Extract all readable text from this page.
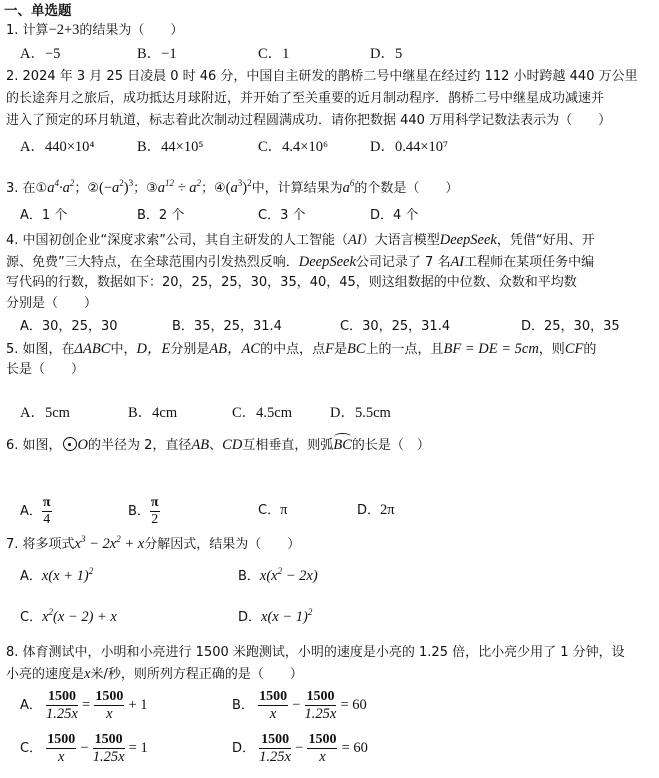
一、单选题
1. 计算−2+3的结果为（　　）
A．−5	B．−1	C．1	D．5
2. 2024 年 3 月 25 日凌晨 0 时 46 分，中国自主研发的鹊桥二号中继星在经过约 112 小时跨越 440 万公里
的长途奔月之旅后，成功抵达月球附近，并开始了至关重要的近月制动程序．鹊桥二号中继星成功减速并
进入了预定的环月轨道，标志着此次制动过程圆满成功．请你把数据 440 万用科学记数法表示为（　　）
A．440×10⁴	B．44×10⁵	C．4.4×10⁶	D．0.44×10⁷
3. 在$①a^4\cdot a^2$；$②(-a^2)^3$；$③a^{12} \div a^2$；$④(a^3)^2$中，计算结果为$a^6$的个数是（　　）
A．1 个	B．2 个	C．3 个	D．4 个
4. 中国初创企业“深度求索”公司，其自主研发的人工智能（AI）大语言模型DeepSeek，凭借“好用、开
源、免费”三大特点，在全球范围内引发热烈反响．DeepSeek公司记录了 7 名AI工程师在某项任务中编
写代码的行数，数据如下：20，25，25，30，35，40，45，则这组数据的中位数、众数和平均数
分别是（　　）
A．30，25，30	B．35，25，31.4	C．30，25，31.4	D．25，30，35
5. 如图，在ΔABC中，D，E分别是AB，AC的中点，点F是BC上的一点，且BF = DE = 5cm，则CF的
长是（　　）
A．5cm	B．4cm	C．4.5cm	D．5.5cm
6. 如图， O的半径为 2，直径AB、CD互相垂直，则弧BC的长是（　）
A． $\frac{\pi}{4}$	B． $\frac{\pi}{2}$	C．π	D．2π
7. 将多项式$x^3 - 2x^2 + x$分解因式，结果为（　　）
A．$x(x + 1)^2$	B．$x(x^2 - 2x)$
C．$x^2(x - 2) + x$	D．$x(x - 1)^2$
8. 体育测试中，小明和小亮进行 1500 米跑测试，小明的速度是小亮的 1.25 倍，比小亮少用了 1 分钟，设
小亮的速度是x米/秒，则所列方程正确的是（　　）
A． $\frac{1500}{1.25x} = \frac{1500}{x} + 1$	B． $\frac{1500}{x} - \frac{1500}{1.25x} = 60$
C． $\frac{1500}{x} - \frac{1500}{1.25x} = 1$	D． $\frac{1500}{1.25x} - \frac{1500}{x} = 60$
